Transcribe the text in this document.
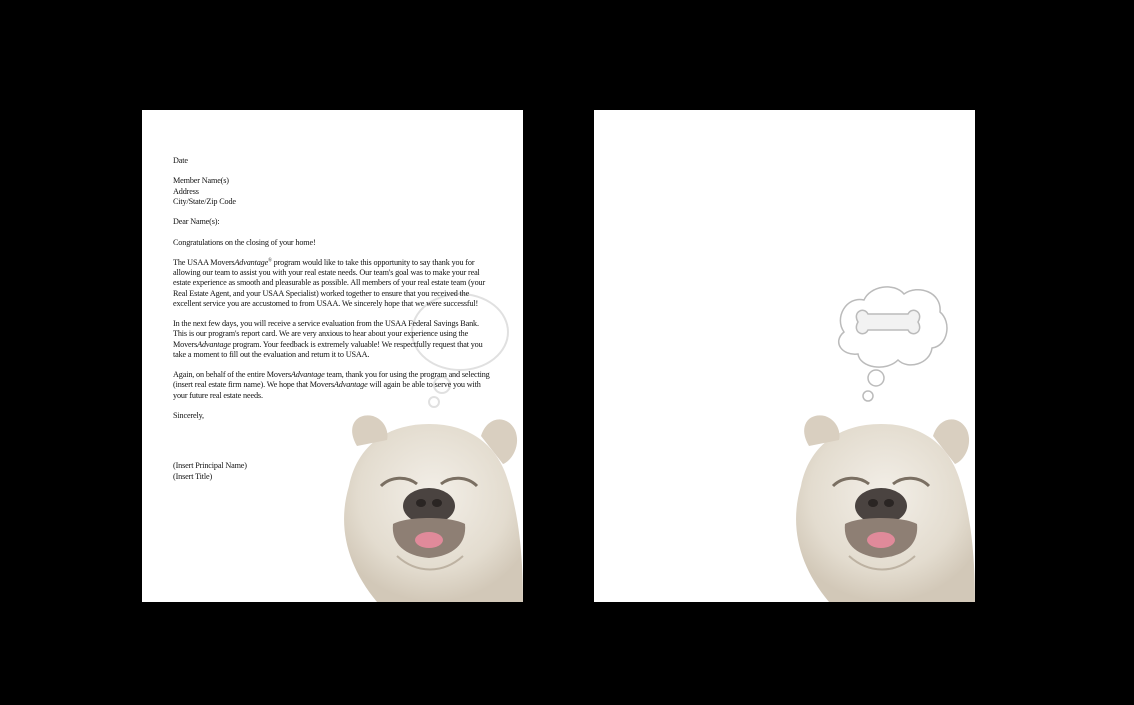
Date

Member Name(s)
Address
City/State/Zip Code

Dear Name(s):

Congratulations on the closing of your home!

The USAA MoversAdvantage® program would like to take this opportunity to say thank you for allowing our team to assist you with your real estate needs. Our team's goal was to make your real estate experience as smooth and pleasurable as possible. All members of your real estate team (your Real Estate Agent, and your USAA Specialist) worked together to ensure that you received the excellent service you are accustomed to from USAA. We sincerely hope that we were successful!

In the next few days, you will receive a service evaluation from the USAA Federal Savings Bank. This is our program's report card. We are very anxious to hear about your experience using the MoversAdvantage program. Your feedback is extremely valuable! We respectfully request that you take a moment to fill out the evaluation and return it to USAA.

Again, on behalf of the entire MoversAdvantage team, thank you for using the program and selecting (insert real estate firm name). We hope that MoversAdvantage will again be able to serve you with your future real estate needs.

Sincerely,

(Insert Principal Name)
(Insert Title)
